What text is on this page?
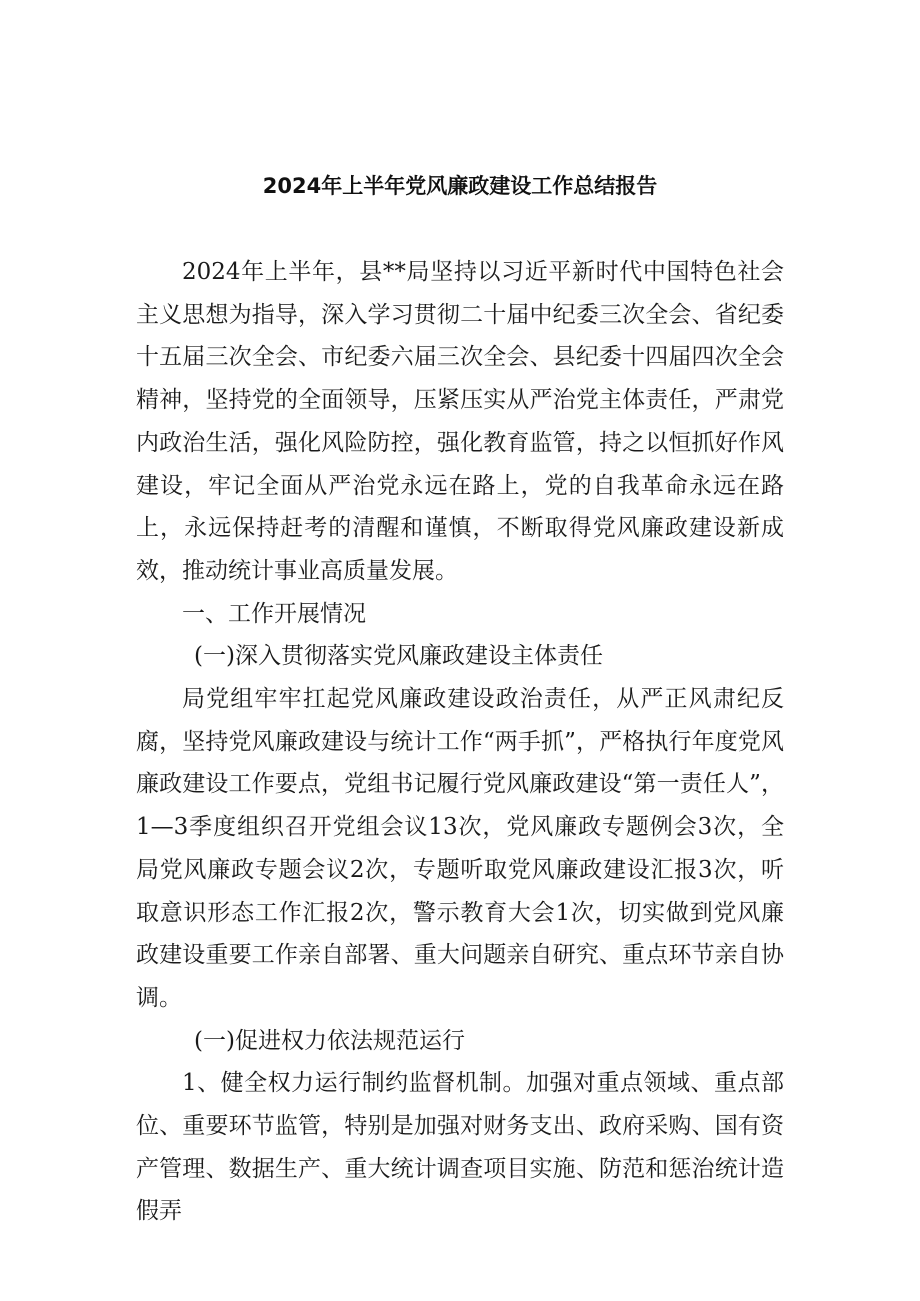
2024年上半年党风廉政建设工作总结报告

2024年上半年，县**局坚持以习近平新时代中国特色社会主义思想为指导，深入学习贯彻二十届中纪委三次全会、省纪委十五届三次全会、市纪委六届三次全会、县纪委十四届四次全会精神，坚持党的全面领导，压紧压实从严治党主体责任，严肃党内政治生活，强化风险防控，强化教育监管，持之以恒抓好作风建设，牢记全面从严治党永远在路上，党的自我革命永远在路上，永远保持赶考的清醒和谨慎，不断取得党风廉政建设新成效，推动统计事业高质量发展。

一、工作开展情况

(一)深入贯彻落实党风廉政建设主体责任

局党组牢牢扛起党风廉政建设政治责任，从严正风肃纪反腐，坚持党风廉政建设与统计工作“两手抓”，严格执行年度党风廉政建设工作要点，党组书记履行党风廉政建设“第一责任人”，1—3季度组织召开党组会议13次，党风廉政专题例会3次，全局党风廉政专题会议2次，专题听取党风廉政建设汇报3次，听取意识形态工作汇报2次，警示教育大会1次，切实做到党风廉政建设重要工作亲自部署、重大问题亲自研究、重点环节亲自协调。

(一)促进权力依法规范运行

1、健全权力运行制约监督机制。加强对重点领域、重点部位、重要环节监管，特别是加强对财务支出、政府采购、国有资产管理、数据生产、重大统计调查项目实施、防范和惩治统计造假弄
